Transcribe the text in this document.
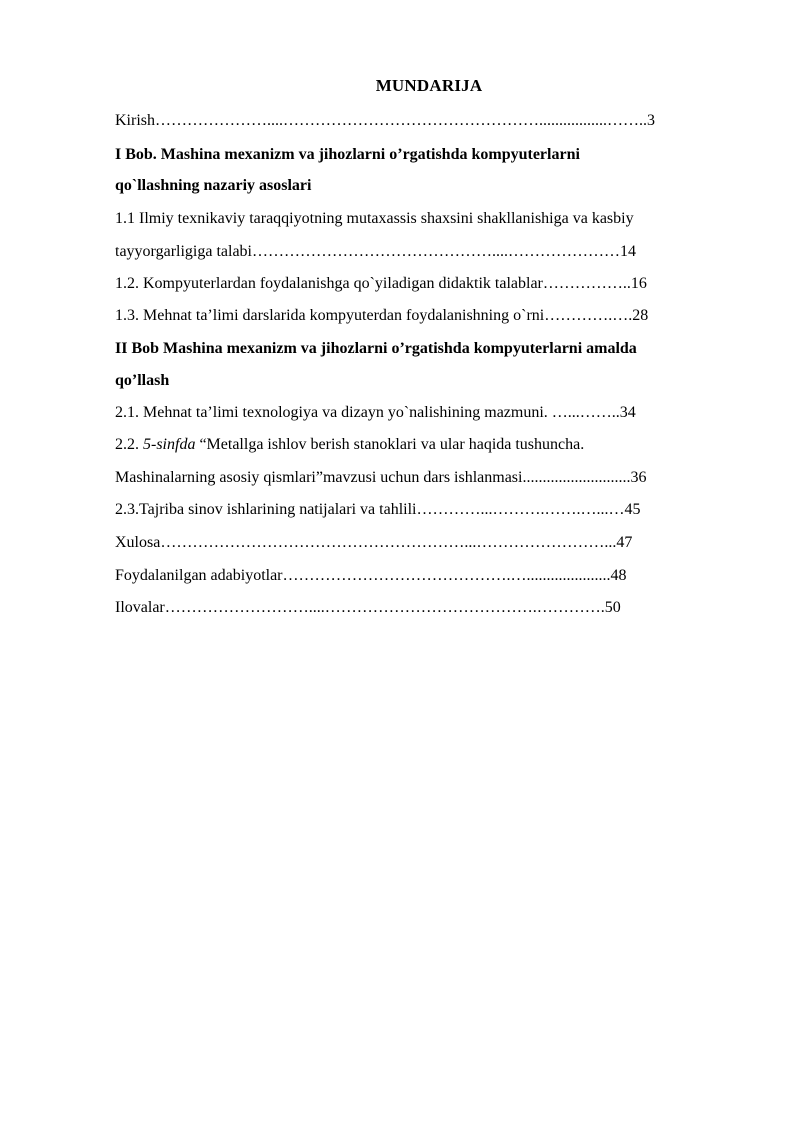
MUNDARIJA
Kirish…………………....………………………………………….................……..3
I Bob. Mashina mexanizm va jihozlarni o’rgatishda kompyuterlarni
qo`llashning nazariy asoslari
1.1 Ilmiy texnikaviy taraqqiyotning mutaxassis shaxsini shakllanishiga va kasbiy
tayyorgarligiga talabi………………………………………....…………………14
1.2. Kompyuterlardan foydalanishga qo`yiladigan didaktik talablar……………..16
1.3. Mehnat ta’limi darslarida kompyuterdan foydalanishning o`rni………….….28
II Bob Mashina mexanizm va jihozlarni o’rgatishda kompyuterlarni amalda
qo’llash
2.1. Mehnat ta’limi texnologiya va dizayn yo`nalishining mazmuni. …...……..34
2.2. 5-sinfda “Metallga ishlov berish stanoklari va ular haqida tushuncha.
Mashinalarning asosiy qismlari”mavzusi uchun dars ishlanmasi...........................36
2.3.Tajriba sinov ishlarining natijalari va tahlili…………...……….…….…...…45
Xulosa…………………………………………………...……………………...47
Foydalanilgan adabiyotlar…………………………………….….....................48
Ilovalar………………………....………………………………….………….50
